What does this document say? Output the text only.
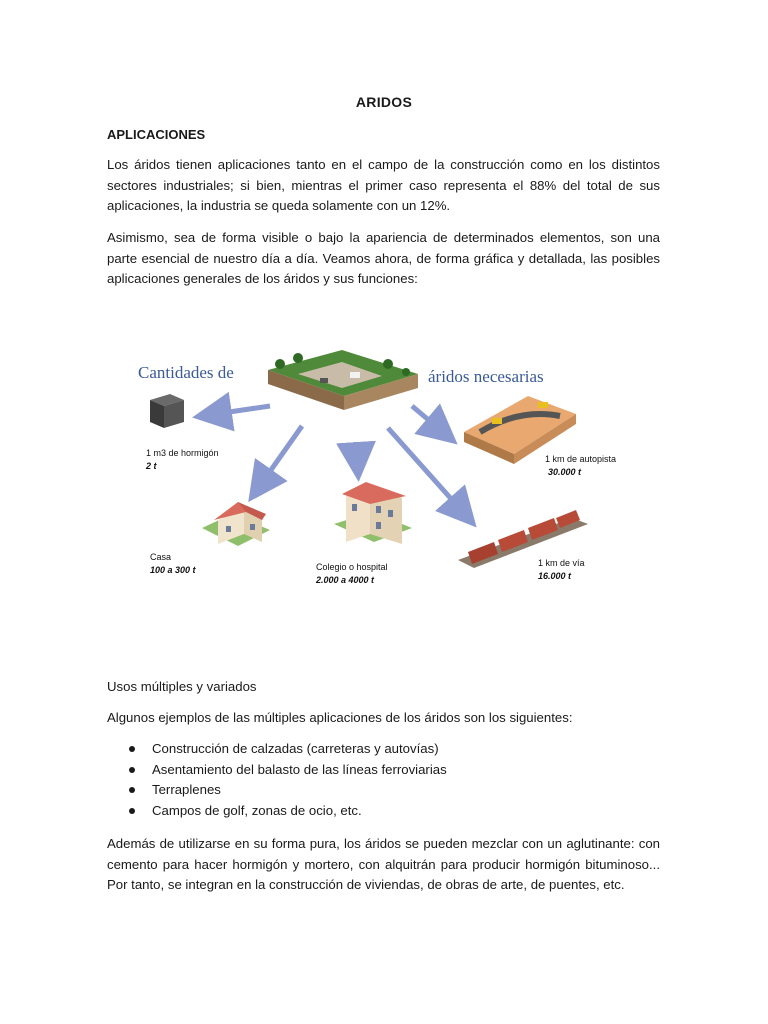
ARIDOS
APLICACIONES
Los áridos tienen aplicaciones tanto en el campo de la construcción como en los distintos sectores industriales; si bien, mientras el primer caso representa el 88% del total de sus aplicaciones, la industria se queda solamente con un 12%.
Asimismo, sea de forma visible o bajo la apariencia de determinados elementos, son una parte esencial de nuestro día a día. Veamos ahora, de forma gráfica y detallada, las posibles aplicaciones generales de los áridos y sus funciones:
Cantidades de	áridos necesarias
1 m3 de hormigón
2 t
1 km de autopista
30.000 t
Casa
100 a 300 t	Colegio o hospital
2.000 a 4000 t
1 km de vía
16.000 t
Usos múltiples y variados
Algunos ejemplos de las múltiples aplicaciones de los áridos son los siguientes:
Construcción de calzadas (carreteras y autovías)
Asentamiento del balasto de las líneas ferroviarias
Terraplenes
Campos de golf, zonas de ocio, etc.
Además de utilizarse en su forma pura, los áridos se pueden mezclar con un aglutinante: con cemento para hacer hormigón y mortero, con alquitrán para producir hormigón bituminoso... Por tanto, se integran en la construcción de viviendas, de obras de arte, de puentes, etc.
